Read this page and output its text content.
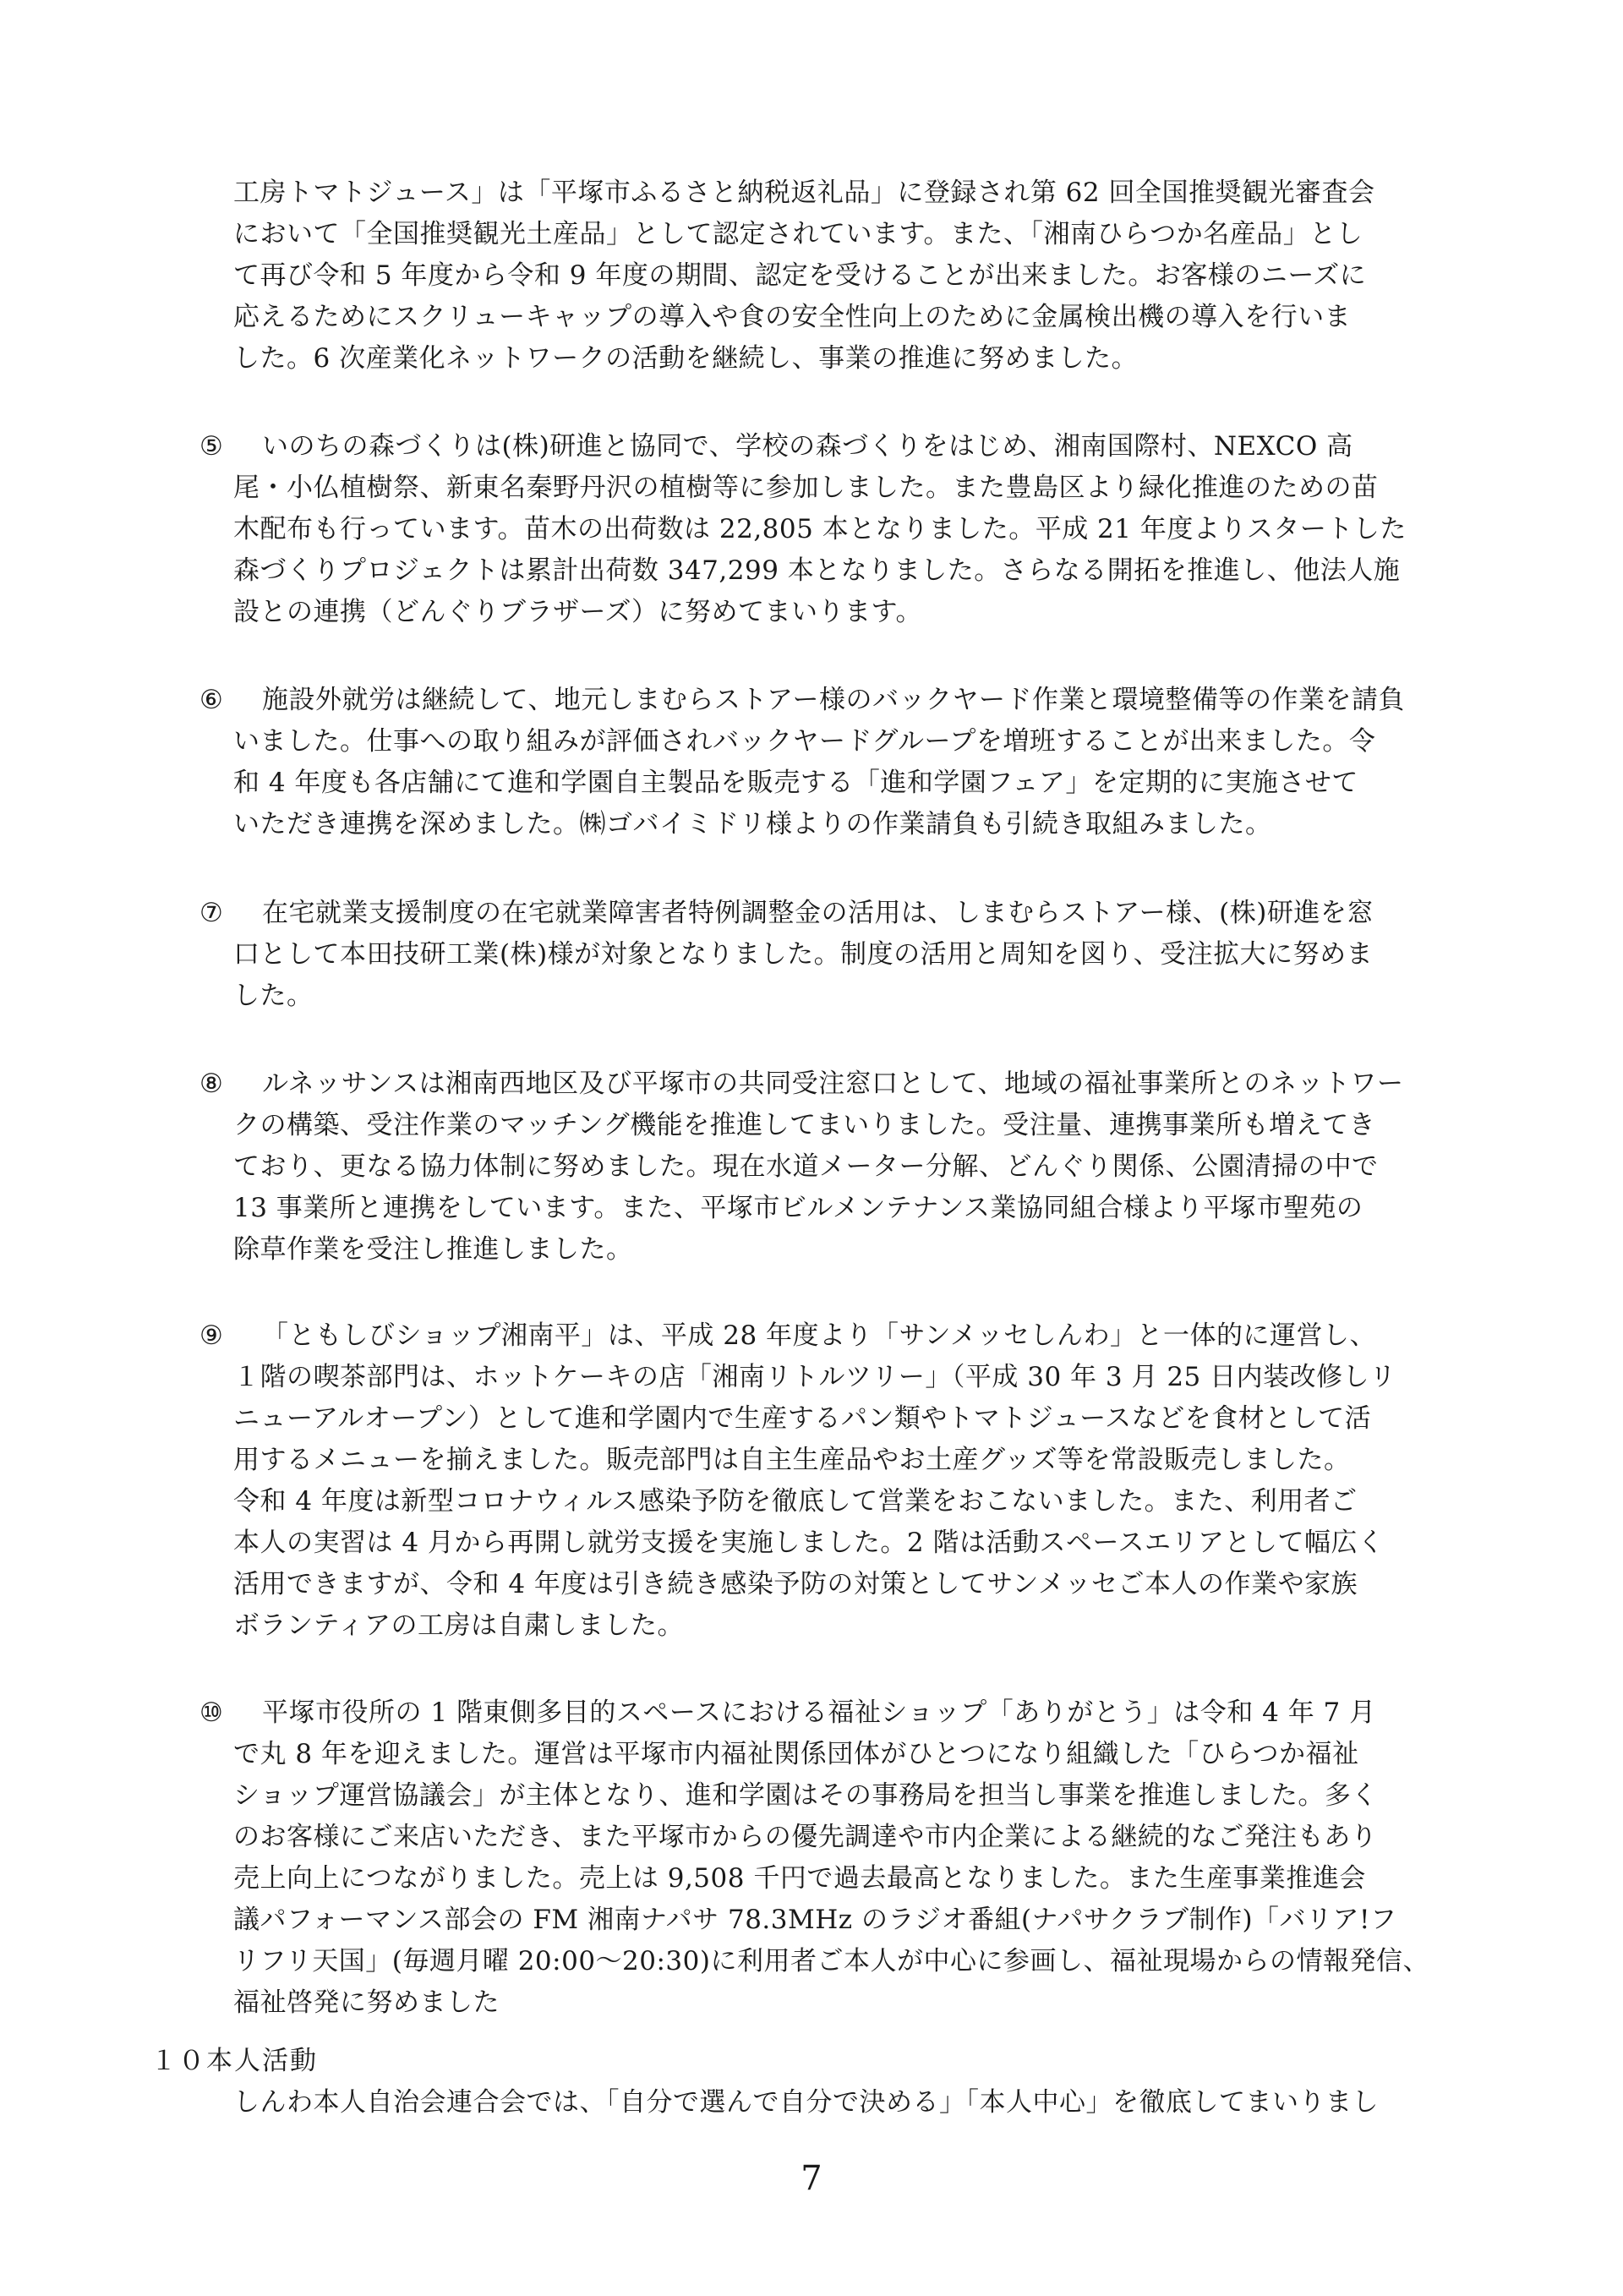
工房トマトジュース」は「平塚市ふるさと納税返礼品」に登録され第 62 回全国推奨観光審査会
において「全国推奨観光土産品」として認定されています。また、「湘南ひらつか名産品」とし
て再び令和 5 年度から令和 9 年度の期間、認定を受けることが出来ました。お客様のニーズに
応えるためにスクリューキャップの導入や食の安全性向上のために金属検出機の導入を行いま
した。6 次産業化ネットワークの活動を継続し、事業の推進に努めました。
⑤ いのちの森づくりは(株)研進と協同で、学校の森づくりをはじめ、湘南国際村、NEXCO 高
尾・小仏植樹祭、新東名秦野丹沢の植樹等に参加しました。また豊島区より緑化推進のための苗
木配布も行っています。苗木の出荷数は 22,805 本となりました。平成 21 年度よりスタートした
森づくりプロジェクトは累計出荷数 347,299 本となりました。さらなる開拓を推進し、他法人施
設との連携（どんぐりブラザーズ）に努めてまいります。
⑥ 施設外就労は継続して、地元しまむらストアー様のバックヤード作業と環境整備等の作業を請負
いました。仕事への取り組みが評価されバックヤードグループを増班することが出来ました。令
和 4 年度も各店舗にて進和学園自主製品を販売する「進和学園フェア」を定期的に実施させて
いただき連携を深めました。㈱ゴバイミドリ様よりの作業請負も引続き取組みました。
⑦ 在宅就業支援制度の在宅就業障害者特例調整金の活用は、しまむらストアー様、(株)研進を窓
口として本田技研工業(株)様が対象となりました。制度の活用と周知を図り、受注拡大に努めま
した。
⑧ ルネッサンスは湘南西地区及び平塚市の共同受注窓口として、地域の福祉事業所とのネットワー
クの構築、受注作業のマッチング機能を推進してまいりました。受注量、連携事業所も増えてき
ており、更なる協力体制に努めました。現在水道メーター分解、どんぐり関係、公園清掃の中で
13 事業所と連携をしています。また、平塚市ビルメンテナンス業協同組合様より平塚市聖苑の
除草作業を受注し推進しました。
⑨ 「ともしびショップ湘南平」は、平成 28 年度より「サンメッセしんわ」と一体的に運営し、
１階の喫茶部門は、ホットケーキの店「湘南リトルツリー」（平成 30 年 3 月 25 日内装改修しリ
ニューアルオープン）として進和学園内で生産するパン類やトマトジュースなどを食材として活
用するメニューを揃えました。販売部門は自主生産品やお土産グッズ等を常設販売しました。
令和 4 年度は新型コロナウィルス感染予防を徹底して営業をおこないました。また、利用者ご
本人の実習は 4 月から再開し就労支援を実施しました。2 階は活動スペースエリアとして幅広く
活用できますが、令和 4 年度は引き続き感染予防の対策としてサンメッセご本人の作業や家族
ボランティアの工房は自粛しました。
⑩ 平塚市役所の 1 階東側多目的スペースにおける福祉ショップ「ありがとう」は令和 4 年 7 月
で丸 8 年を迎えました。運営は平塚市内福祉関係団体がひとつになり組織した「ひらつか福祉
ショップ運営協議会」が主体となり、進和学園はその事務局を担当し事業を推進しました。多く
のお客様にご来店いただき、また平塚市からの優先調達や市内企業による継続的なご発注もあり
売上向上につながりました。売上は 9,508 千円で過去最高となりました。また生産事業推進会
議パフォーマンス部会の FM 湘南ナパサ 78.3MHz のラジオ番組(ナパサクラブ制作)「バリア!フ
リフリ天国」(毎週月曜 20:00～20:30)に利用者ご本人が中心に参画し、福祉現場からの情報発信、
福祉啓発に努めました
１０本人活動
しんわ本人自治会連合会では、「自分で選んで自分で決める」「本人中心」を徹底してまいりまし
7
